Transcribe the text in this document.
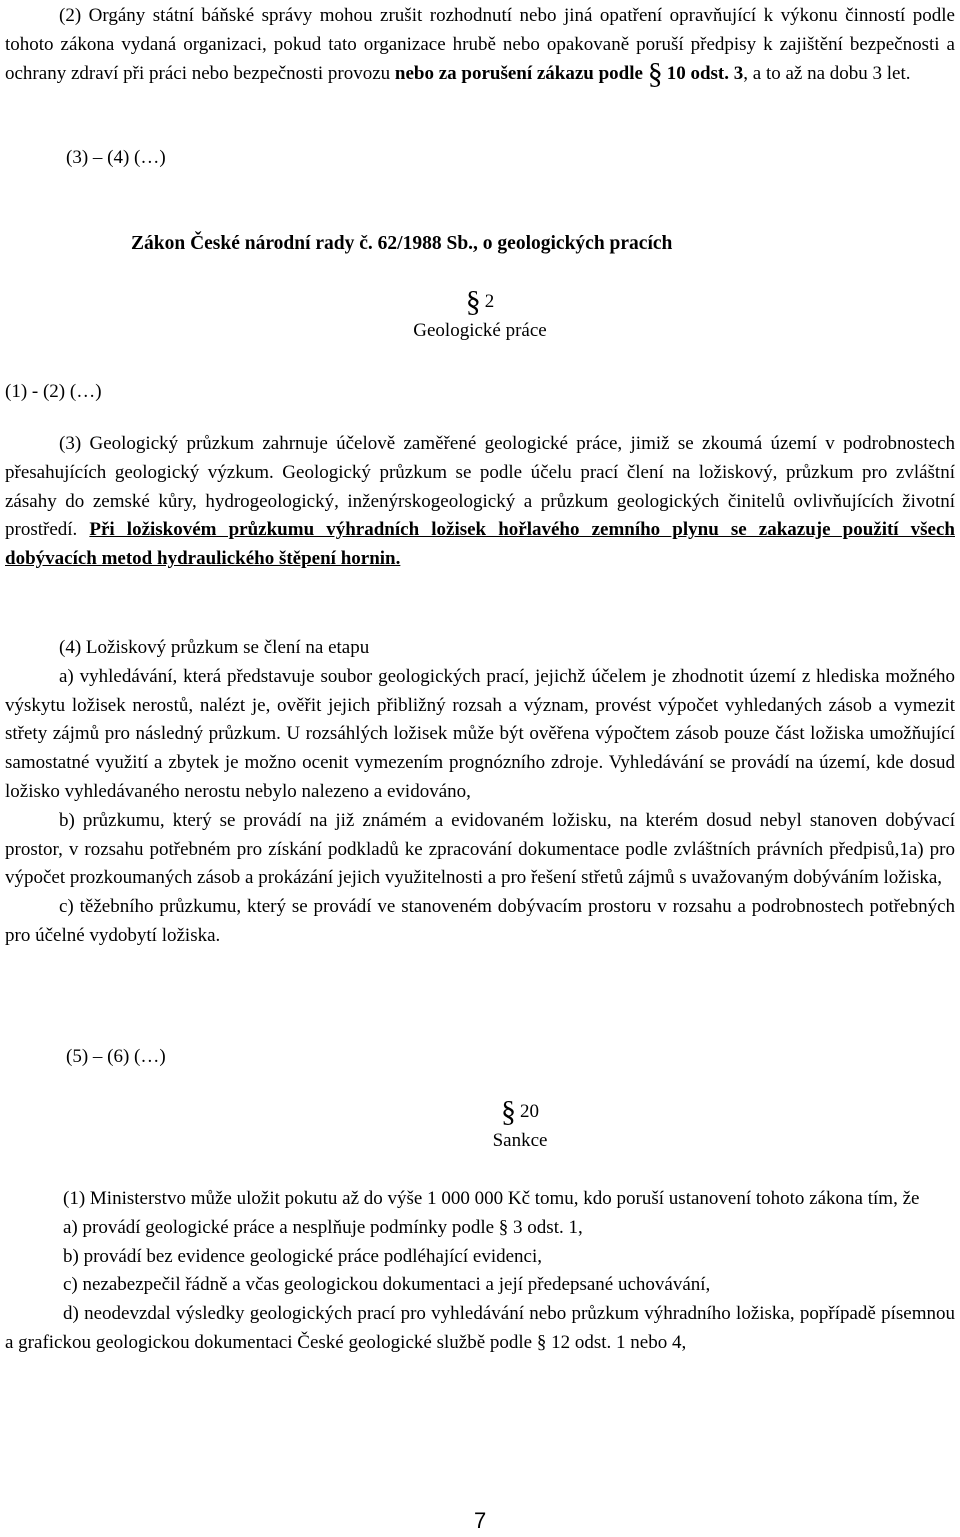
(2) Orgány státní báňské správy mohou zrušit rozhodnutí nebo jiná opatření opravňující k výkonu činností podle tohoto zákona vydaná organizaci, pokud tato organizace hrubě nebo opakovaně poruší předpisy k zajištění bezpečnosti a ochrany zdraví při práci nebo bezpečnosti provozu nebo za porušení zákazu podle § 10 odst. 3, a to až na dobu 3 let.

(3) – (4) (…)

Zákon České národní rady č. 62/1988 Sb., o geologických pracích

§ 2
Geologické práce

(1) - (2) (…)

(3) Geologický průzkum zahrnuje účelově zaměřené geologické práce, jimiž se zkoumá území v podrobnostech přesahujících geologický výzkum. Geologický průzkum se podle účelu prací člení na ložiskový, průzkum pro zvláštní zásahy do zemské kůry, hydrogeologický, inženýrskogeologický a průzkum geologických činitelů ovlivňujících životní prostředí. Při ložiskovém průzkumu výhradních ložisek hořlavého zemního plynu se zakazuje použití všech dobývacích metod hydraulického štěpení hornin.

(4) Ložiskový průzkum se člení na etapu

a) vyhledávání, která představuje soubor geologických prací, jejichž účelem je zhodnotit území z hlediska možného výskytu ložisek nerostů, nalézt je, ověřit jejich přibližný rozsah a význam, provést výpočet vyhledaných zásob a vymezit střety zájmů pro následný průzkum. U rozsáhlých ložisek může být ověřena výpočtem zásob pouze část ložiska umožňující samostatné využití a zbytek je možno ocenit vymezením prognózního zdroje. Vyhledávání se provádí na území, kde dosud ložisko vyhledávaného nerostu nebylo nalezeno a evidováno,

b) průzkumu, který se provádí na již známém a evidovaném ložisku, na kterém dosud nebyl stanoven dobývací prostor, v rozsahu potřebném pro získání podkladů ke zpracování dokumentace podle zvláštních právních předpisů,1a) pro výpočet prozkoumaných zásob a prokázání jejich využitelnosti a pro řešení střetů zájmů s uvažovaným dobýváním ložiska,

c) těžebního průzkumu, který se provádí ve stanoveném dobývacím prostoru v rozsahu a podrobnostech potřebných pro účelné vydobytí ložiska.

(5) – (6) (…)

§ 20
Sankce

(1) Ministerstvo může uložit pokutu až do výše 1 000 000 Kč tomu, kdo poruší ustanovení tohoto zákona tím, že

a) provádí geologické práce a nesplňuje podmínky podle § 3 odst. 1,

b) provádí bez evidence geologické práce podléhající evidenci,

c) nezabezpečil řádně a včas geologickou dokumentaci a její předepsané uchovávání,

d) neodevzdal výsledky geologických prací pro vyhledávání nebo průzkum výhradního ložiska, popřípadě písemnou a grafickou geologickou dokumentaci České geologické službě podle § 12 odst. 1 nebo 4,

7
